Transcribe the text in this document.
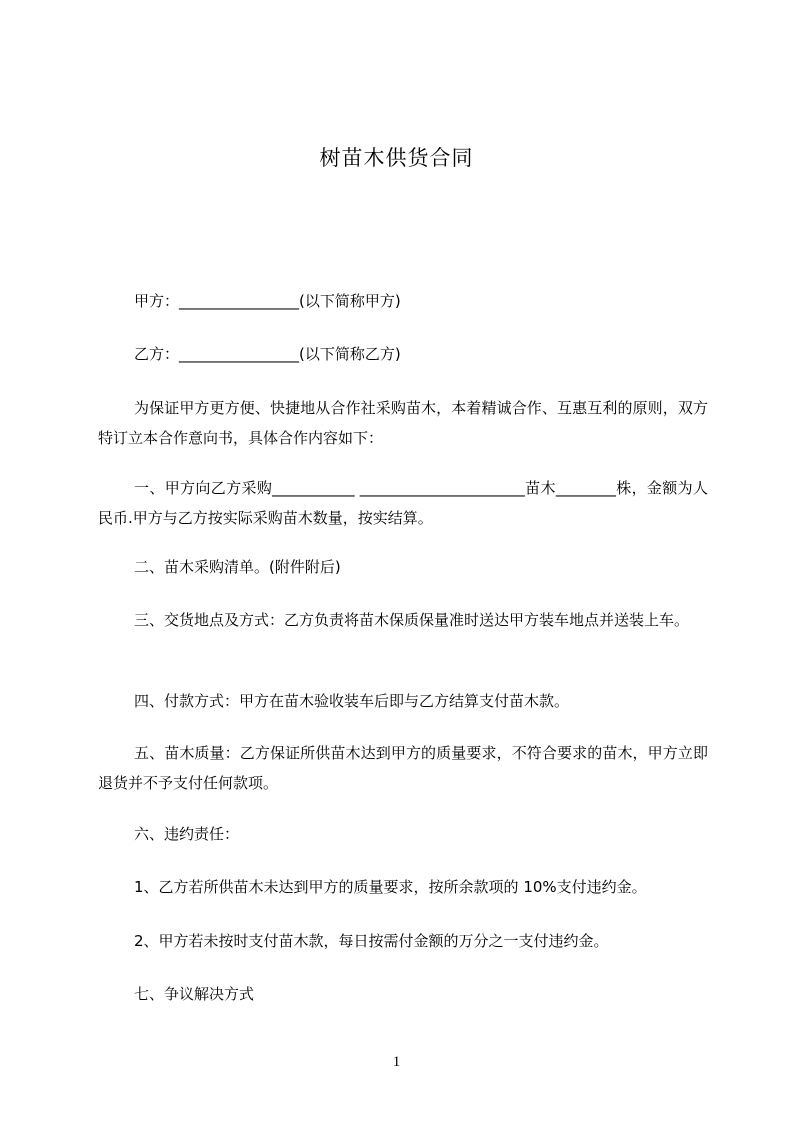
树苗木供货合同
甲方：________________(以下简称甲方)
乙方：________________(以下简称乙方)
为保证甲方更方便、快捷地从合作社采购苗木，本着精诚合作、互惠互利的原则，双方特订立本合作意向书，具体合作内容如下：
一、甲方向乙方采购___________ ______________________苗木________株，金额为人民币.甲方与乙方按实际采购苗木数量，按实结算。
二、苗木采购清单。(附件附后)
三、交货地点及方式：乙方负责将苗木保质保量准时送达甲方装车地点并送装上车。
四、付款方式：甲方在苗木验收装车后即与乙方结算支付苗木款。
五、苗木质量：乙方保证所供苗木达到甲方的质量要求，不符合要求的苗木，甲方立即退货并不予支付任何款项。
六、违约责任：
1、乙方若所供苗木未达到甲方的质量要求，按所余款项的 10%支付违约金。
2、甲方若未按时支付苗木款，每日按需付金额的万分之一支付违约金。
七、争议解决方式
1
